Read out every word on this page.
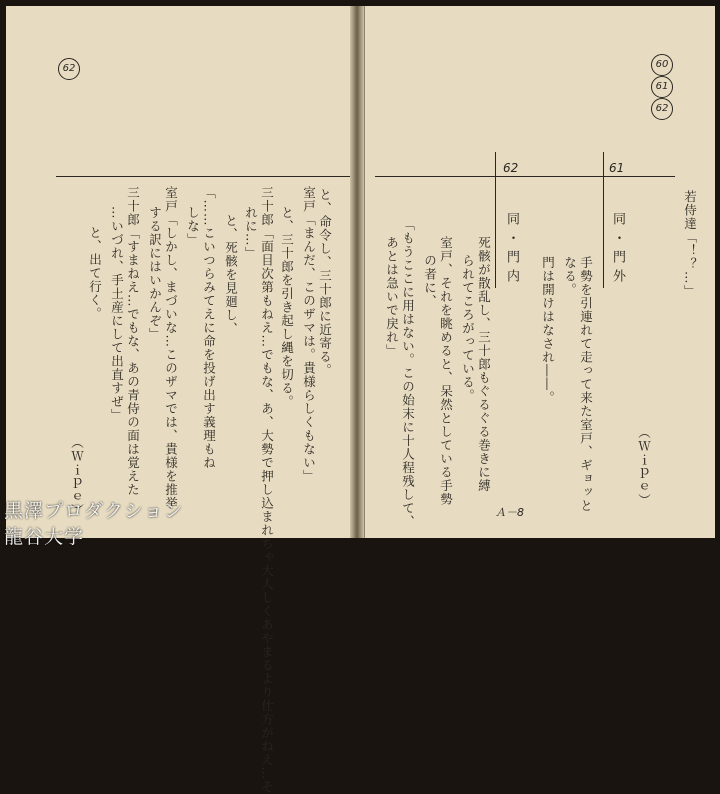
62
と、命令し、三十郎に近寄る。
室戸「まんだ、このザマは。貴様らしくもない」
と、三十郎を引き起し縄を切る。
三十郎「面目次第もねえ…でもな、あ、大勢で押し込まれちゃ大人しくあやまるより仕方がねえ…そ
れに…」
と、死骸を見廻し、
「……こいつらみてえに命を投げ出す義理もね
しな」
室戸「しかし、まづいな…このザマでは、貴様を推挙
する訳にはいかんぞ」
三十郎「すまねえ…でもな、あの青侍の面は覚えた
…いづれ、手土産にして出直すぜ」
と、出て行く。
（Ｗｉｐｅ）
60
61
62
61
同・門外
62
同・門内	若侍達「！？…」
手勢を引連れて走って来た室戸、ギョッと
なる。
門は開けはなされ――。
（Ｗｉｐｅ）
死骸が散乱し、三十郎もぐるぐる巻きに縛
られてころがっている。
室戸、それを眺めると、呆然としている手勢
の者に、
「もうここに用はない。この始末に十人程残して、
あとは急いで戻れ」
Ａ－8
黒澤プロダクション
龍谷大学
